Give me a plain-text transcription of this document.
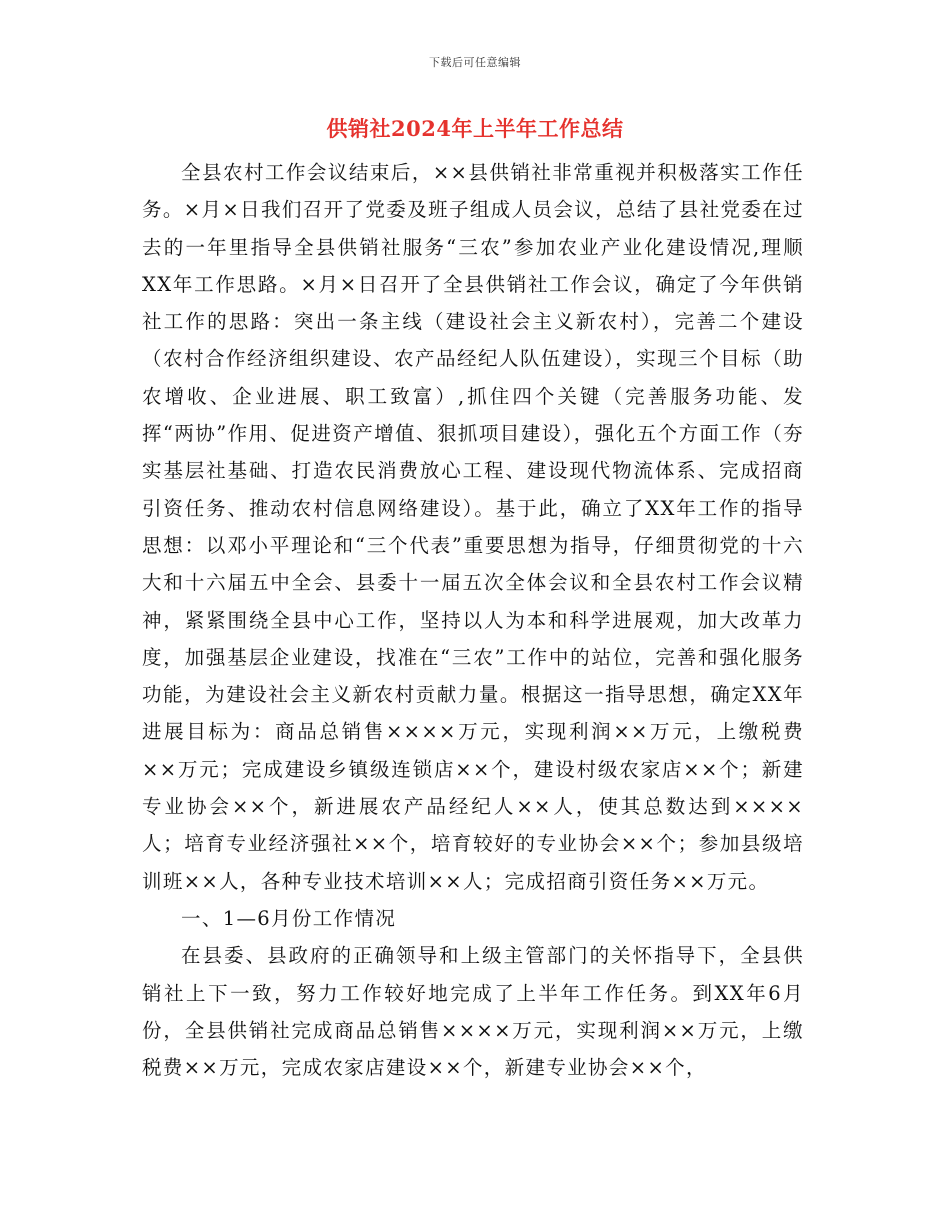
下载后可任意编辑
供销社2024年上半年工作总结

全县农村工作会议结束后，××县供销社非常重视并积极落实工作任务。×月×日我们召开了党委及班子组成人员会议，总结了县社党委在过去的一年里指导全县供销社服务“三农”参加农业产业化建设情况,理顺XX年工作思路。×月×日召开了全县供销社工作会议，确定了今年供销社工作的思路：突出一条主线（建设社会主义新农村），完善二个建设（农村合作经济组织建设、农产品经纪人队伍建设），实现三个目标（助农增收、企业进展、职工致富）,抓住四个关键（完善服务功能、发挥“两协”作用、促进资产增值、狠抓项目建设），强化五个方面工作（夯实基层社基础、打造农民消费放心工程、建设现代物流体系、完成招商引资任务、推动农村信息网络建设）。基于此，确立了XX年工作的指导思想：以邓小平理论和“三个代表”重要思想为指导，仔细贯彻党的十六大和十六届五中全会、县委十一届五次全体会议和全县农村工作会议精神，紧紧围绕全县中心工作，坚持以人为本和科学进展观，加大改革力度，加强基层企业建设，找准在“三农”工作中的站位，完善和强化服务功能，为建设社会主义新农村贡献力量。根据这一指导思想，确定XX年进展目标为：商品总销售××××万元，实现利润××万元，上缴税费××万元；完成建设乡镇级连锁店××个，建设村级农家店××个；新建专业协会××个，新进展农产品经纪人××人，使其总数达到××××人；培育专业经济强社××个，培育较好的专业协会××个；参加县级培训班××人，各种专业技术培训××人；完成招商引资任务××万元。

一、1—6月份工作情况

在县委、县政府的正确领导和上级主管部门的关怀指导下，全县供销社上下一致，努力工作较好地完成了上半年工作任务。到XX年6月份，全县供销社完成商品总销售××××万元，实现利润××万元，上缴税费××万元，完成农家店建设××个，新建专业协会××个，
